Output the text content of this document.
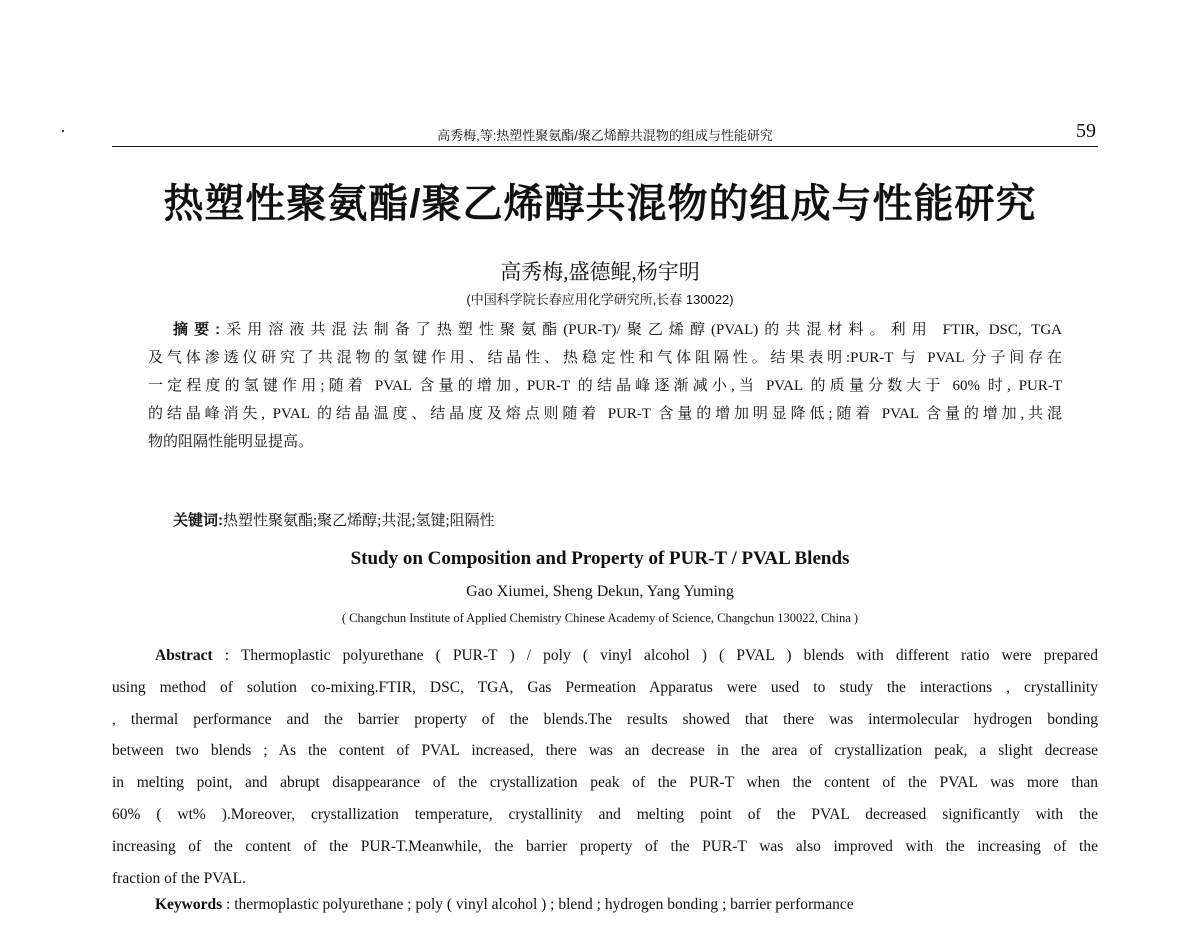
高秀梅,等:热塑性聚氨酯/聚乙烯醇共混物的组成与性能研究	59
热塑性聚氨酯/聚乙烯醇共混物的组成与性能研究
高秀梅,盛德鲲,杨宇明
(中国科学院长春应用化学研究所,长春 130022)
摘要:采用溶液共混法制备了热塑性聚氨酯(PUR-T)/聚乙烯醇(PVAL)的共混材料。利用 FTIR, DSC, TGA
及气体渗透仪研究了共混物的氢键作用、结晶性、热稳定性和气体阻隔性。结果表明:PUR-T 与 PVAL 分子间存在
一定程度的氢键作用;随着 PVAL 含量的增加, PUR-T 的结晶峰逐渐减小,当 PVAL 的质量分数大于 60% 时, PUR-T
的结晶峰消失, PVAL 的结晶温度、结晶度及熔点则随着 PUR-T 含量的增加明显降低;随着 PVAL 含量的增加,共混
物的阻隔性能明显提高。
关键词:热塑性聚氨酯;聚乙烯醇;共混;氢键;阻隔性
Study on Composition and Property of PUR-T / PVAL Blends
Gao Xiumei, Sheng Dekun, Yang Yuming
( Changchun Institute of Applied Chemistry Chinese Academy of Science, Changchun 130022, China )
Abstract : Thermoplastic polyurethane ( PUR-T ) / poly ( vinyl alcohol ) ( PVAL ) blends with different ratio were prepared
using method of solution co-mixing.FTIR, DSC, TGA, Gas Permeation Apparatus were used to study the interactions , crystallinity
, thermal performance and the barrier property of the blends.The results showed that there was intermolecular hydrogen bonding
between two blends ; As the content of PVAL increased, there was an decrease in the area of crystallization peak, a slight decrease
in melting point, and abrupt disappearance of the crystallization peak of the PUR-T when the content of the PVAL was more than
60% ( wt% ).Moreover, crystallization temperature, crystallinity and melting point of the PVAL decreased significantly with the
increasing of the content of the PUR-T.Meanwhile, the barrier property of the PUR-T was also improved with the increasing of the
fraction of the PVAL.
Keywords : thermoplastic polyurethane ; poly ( vinyl alcohol ) ; blend ; hydrogen bonding ; barrier performance
